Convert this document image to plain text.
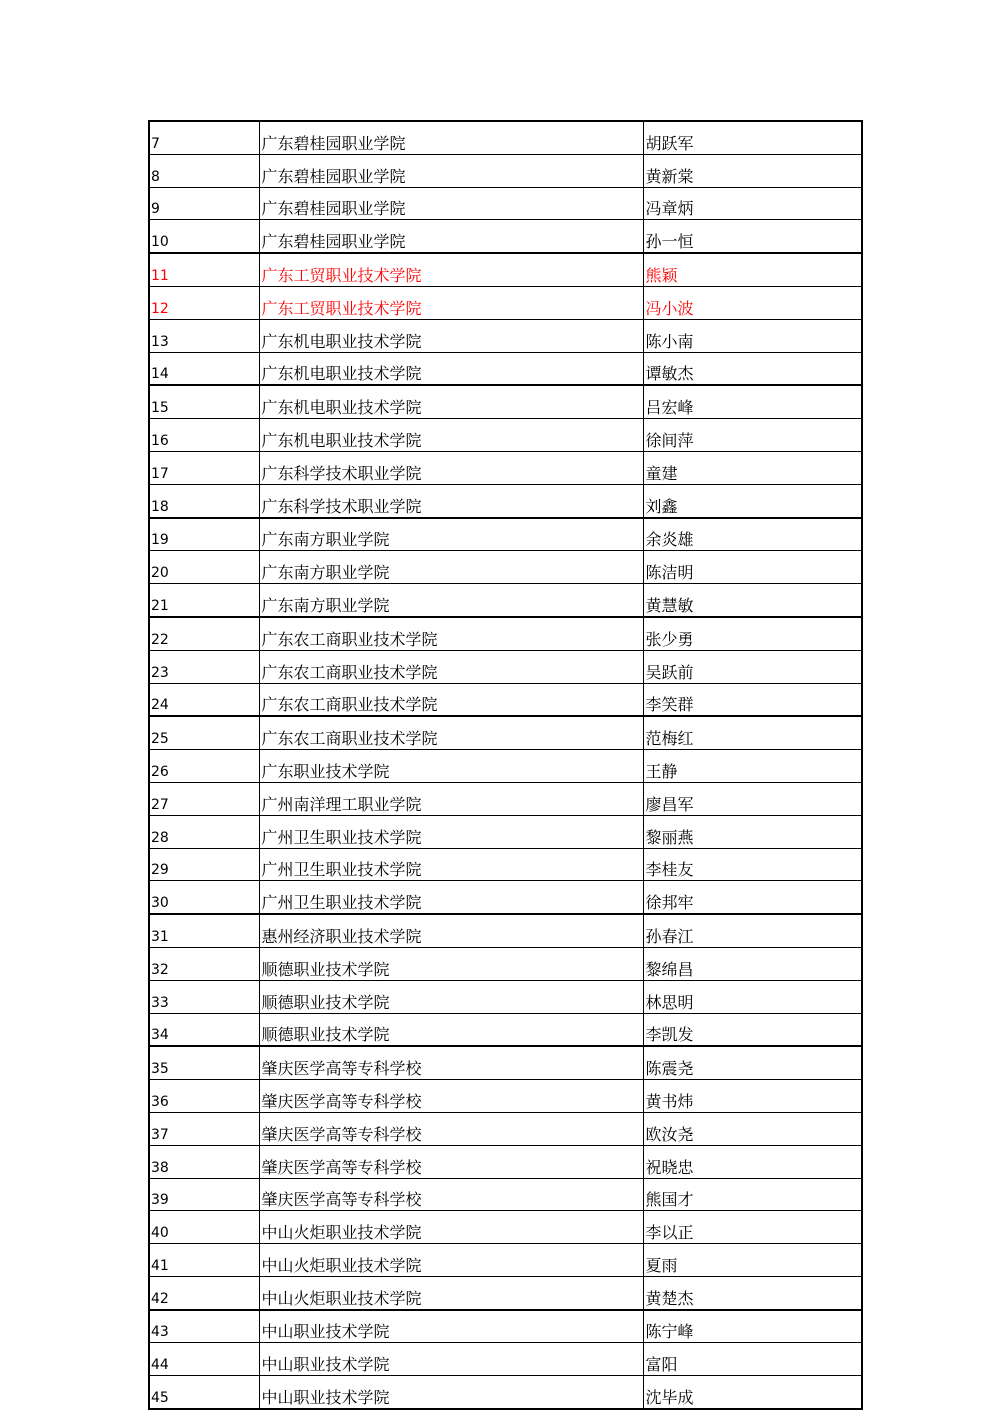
7	广东碧桂园职业学院	胡跃军
8	广东碧桂园职业学院	黄新棠
9	广东碧桂园职业学院	冯章炳
10	广东碧桂园职业学院	孙一恒
11	广东工贸职业技术学院	熊颖
12	广东工贸职业技术学院	冯小波
13	广东机电职业技术学院	陈小南
14	广东机电职业技术学院	谭敏杰
15	广东机电职业技术学院	吕宏峰
16	广东机电职业技术学院	徐间萍
17	广东科学技术职业学院	童建
18	广东科学技术职业学院	刘鑫
19	广东南方职业学院	余炎雄
20	广东南方职业学院	陈洁明
21	广东南方职业学院	黄慧敏
22	广东农工商职业技术学院	张少勇
23	广东农工商职业技术学院	吴跃前
24	广东农工商职业技术学院	李笑群
25	广东农工商职业技术学院	范梅红
26	广东职业技术学院	王静
27	广州南洋理工职业学院	廖昌军
28	广州卫生职业技术学院	黎丽燕
29	广州卫生职业技术学院	李桂友
30	广州卫生职业技术学院	徐邦牢
31	惠州经济职业技术学院	孙春江
32	顺德职业技术学院	黎绵昌
33	顺德职业技术学院	林思明
34	顺德职业技术学院	李凯发
35	肇庆医学高等专科学校	陈震尧
36	肇庆医学高等专科学校	黄书炜
37	肇庆医学高等专科学校	欧汝尧
38	肇庆医学高等专科学校	祝晓忠
39	肇庆医学高等专科学校	熊国才
40	中山火炬职业技术学院	李以正
41	中山火炬职业技术学院	夏雨
42	中山火炬职业技术学院	黄楚杰
43	中山职业技术学院	陈宁峰
44	中山职业技术学院	富阳
45	中山职业技术学院	沈毕成
